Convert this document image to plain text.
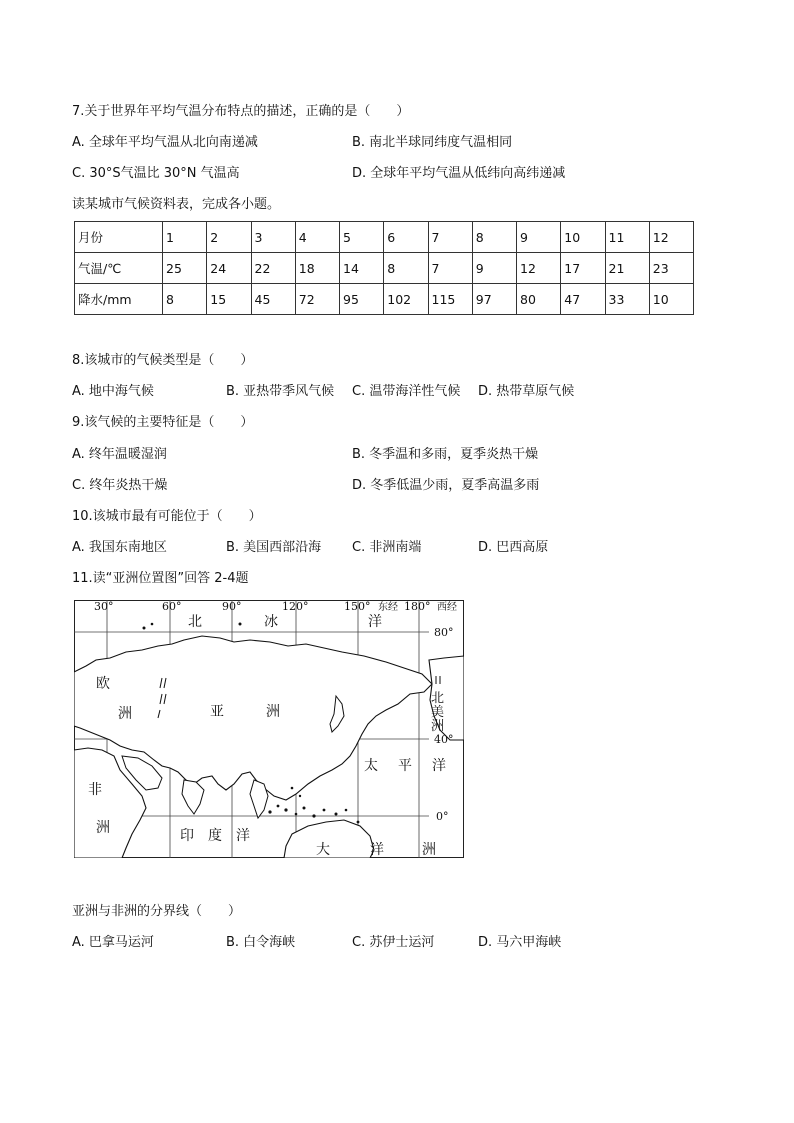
7.关于世界年平均气温分布特点的描述，正确的是（　　）
A. 全球年平均气温从北向南递减	B. 南北半球同纬度气温相同
C. 30°S气温比 30°N 气温高	D. 全球年平均气温从低纬向高纬递减
读某城市气候资料表，完成各小题。
月份	1	2	3	4	5	6	7	8	9	10	11	12
气温/℃	25	24	22	18	14	8	7	9	12	17	21	23
降水/mm	8	15	45	72	95	102	115	97	80	47	33	10
8.该城市的气候类型是（　　）
A. 地中海气候	B. 亚热带季风气候 C. 温带海洋性气候 D. 热带草原气候
9.该气候的主要特征是（　　）
A. 终年温暖湿润	B. 冬季温和多雨，夏季炎热干燥
C. 终年炎热干燥	D. 冬季低温少雨，夏季高温多雨
10.该城市最有可能位于（　　）
A. 我国东南地区	B. 美国西部沿海 C. 非洲南端	D. 巴西高原
11.读“亚洲位置图”回答 2-4题
30°	60°	90°	120°	150° 东经 180° 西经
80°
40°
0°
北	冰	洋
欧
洲	亚	洲
北
美
洲
太 平 洋
非
洲	印 度 洋
大	洋	洲
亚洲与非洲的分界线（　　）
A. 巴拿马运河	B. 白令海峡	C. 苏伊士运河	D. 马六甲海峡
